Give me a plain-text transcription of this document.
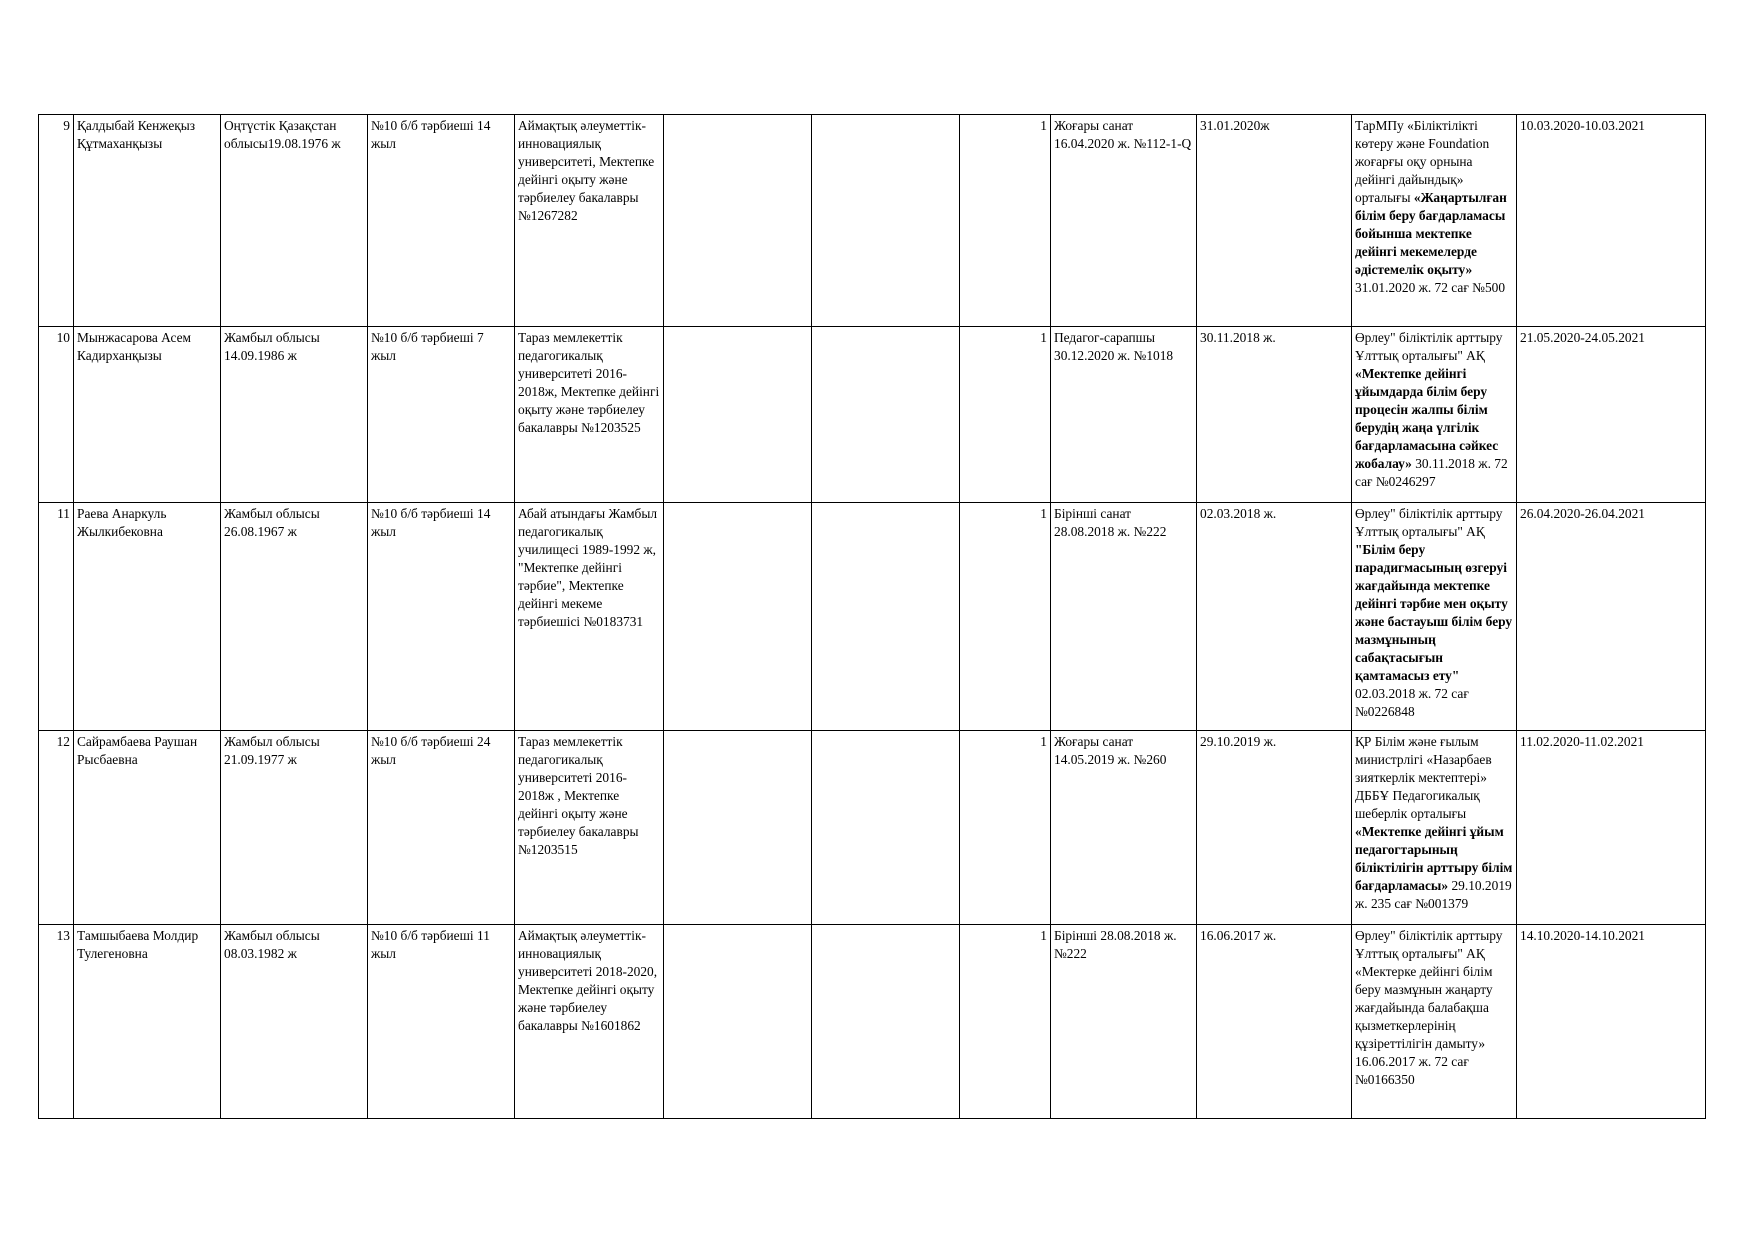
9	Қалдыбай Кенжеқыз Құтмаханқызы	Оңтүстік Қазақстан облысы19.08.1976 ж	№10 б/б тәрбиеші 14 жыл	Аймақтық әлеуметтік-инновациялық университеті, Мектепке дейінгі оқыту және тәрбиелеу бакалавры №1267282			1	Жоғары санат 16.04.2020 ж. №112-1-Q	31.01.2020ж	ТарМПу «Біліктілікті көтеру және Foundation жоғарғы оқу орнына дейінгі дайындық» орталығы «Жаңартылған білім беру бағдарламасы бойынша мектепке дейінгі мекемелерде әдістемелік оқыту» 31.01.2020 ж. 72 сағ №500	10.03.2020-10.03.2021
10	Мынжасарова Асем Кадирханқызы	Жамбыл облысы 14.09.1986 ж	№10 б/б тәрбиеші 7 жыл	Тараз мемлекеттік педагогикалық университеті 2016-2018ж, Мектепке дейінгі оқыту және тәрбиелеу бакалавры №1203525			1	Педагог-сарапшы 30.12.2020 ж. №1018	30.11.2018 ж.	Өрлеу" біліктілік арттыру Ұлттық орталығы" АҚ «Мектепке дейінгі ұйымдарда білім беру процесін жалпы білім берудің жаңа үлгілік бағдарламасына сәйкес жобалау» 30.11.2018 ж. 72 сағ №0246297	21.05.2020-24.05.2021
11	Раева Анаркуль Жылкибековна	Жамбыл облысы 26.08.1967 ж	№10 б/б тәрбиеші 14 жыл	Абай атындағы Жамбыл педагогикалық училищесі 1989-1992 ж, "Мектепке дейінгі тәрбие", Мектепке дейінгі мекеме тәрбиешісі №0183731			1	Бірінші санат 28.08.2018 ж. №222	02.03.2018 ж.	Өрлеу" біліктілік арттыру Ұлттық орталығы" АҚ "Білім беру парадигмасының өзгеруі жағдайында мектепке дейінгі тәрбие мен оқыту және бастауыш білім беру мазмұнының сабақтасығын қамтамасыз ету" 02.03.2018 ж. 72 сағ №0226848	26.04.2020-26.04.2021
12	Сайрамбаева Раушан Рысбаевна	Жамбыл облысы 21.09.1977 ж	№10 б/б тәрбиеші 24 жыл	Тараз мемлекеттік педагогикалық университеті 2016-2018ж , Мектепке дейінгі оқыту және тәрбиелеу бакалавры №1203515			1	Жоғары санат 14.05.2019 ж. №260	29.10.2019 ж.	ҚР Білім және ғылым министрлігі «Назарбаев зияткерлік мектептері» ДББҰ Педагогикалық шеберлік орталығы «Мектепке дейінгі ұйым педагогтарының біліктілігін арттыру білім бағдарламасы» 29.10.2019 ж. 235 сағ №001379	11.02.2020-11.02.2021
13	Тамшыбаева Молдир Тулегеновна	Жамбыл облысы 08.03.1982 ж	№10 б/б тәрбиеші 11 жыл	Аймақтық әлеуметтік-инновациялық университеті 2018-2020, Мектепке дейінгі оқыту және тәрбиелеу бакалавры №1601862			1	Бірінші 28.08.2018 ж. №222	16.06.2017 ж.	Өрлеу" біліктілік арттыру Ұлттық орталығы" АҚ «Мектерке дейінгі білім беру мазмұнын жаңарту жағдайында балабақша қызметкерлерінің құзіреттілігін дамыту» 16.06.2017 ж. 72 сағ №0166350	14.10.2020-14.10.2021
